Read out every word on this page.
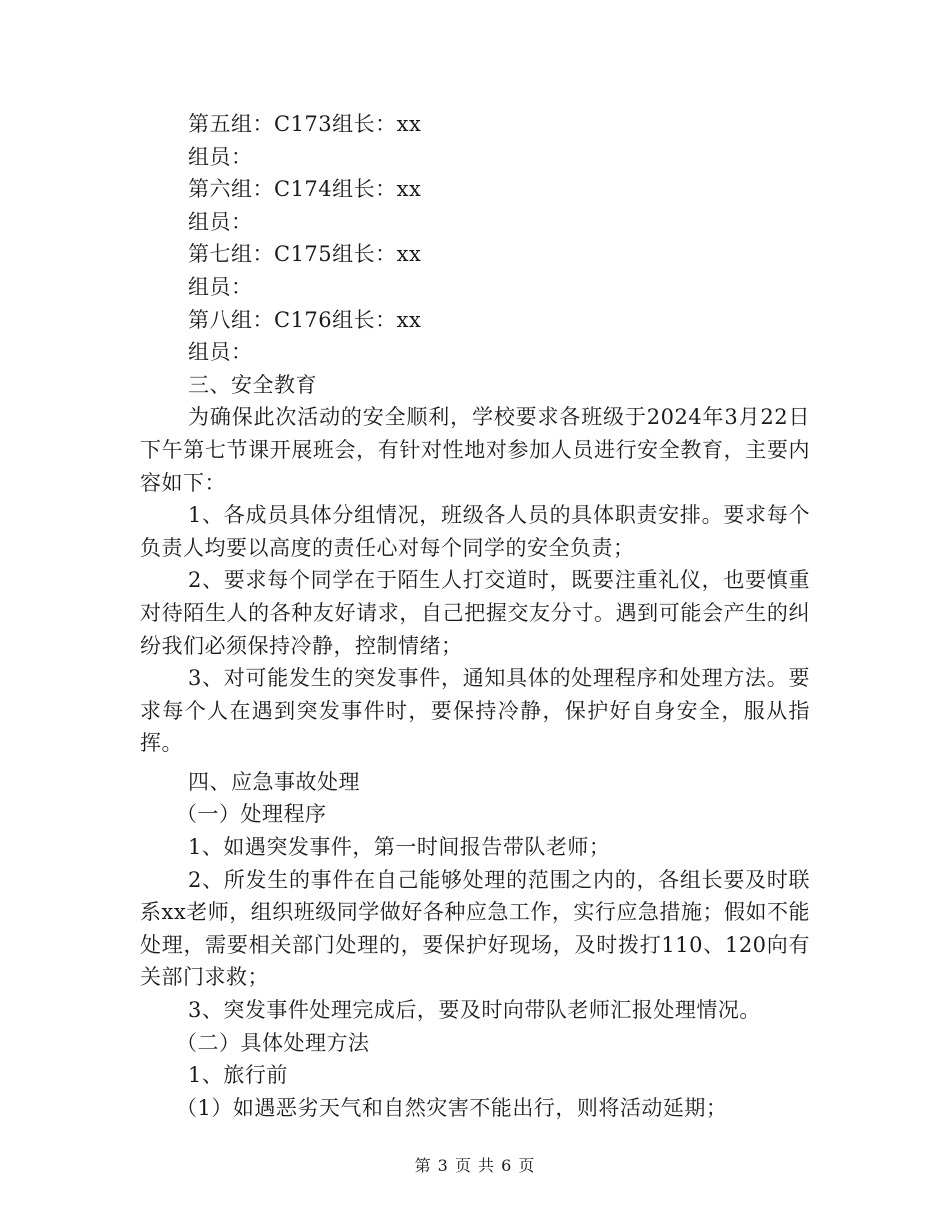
第五组：C173组长：xx
组员：
第六组：C174组长：xx
组员：
第七组：C175组长：xx
组员：
第八组：C176组长：xx
组员：
三、安全教育
为确保此次活动的安全顺利，学校要求各班级于2024年3月22日下午第七节课开展班会，有针对性地对参加人员进行安全教育，主要内容如下：
1、各成员具体分组情况，班级各人员的具体职责安排。要求每个负责人均要以高度的责任心对每个同学的安全负责；
2、要求每个同学在于陌生人打交道时，既要注重礼仪，也要慎重对待陌生人的各种友好请求，自己把握交友分寸。遇到可能会产生的纠纷我们必须保持冷静，控制情绪；
3、对可能发生的突发事件，通知具体的处理程序和处理方法。要求每个人在遇到突发事件时，要保持冷静，保护好自身安全，服从指挥。
四、应急事故处理
（一）处理程序
1、如遇突发事件，第一时间报告带队老师；
2、所发生的事件在自己能够处理的范围之内的，各组长要及时联系xx老师，组织班级同学做好各种应急工作，实行应急措施；假如不能处理，需要相关部门处理的，要保护好现场，及时拨打110、120向有关部门求救；
3、突发事件处理完成后，要及时向带队老师汇报处理情况。
（二）具体处理方法
1、旅行前
（1）如遇恶劣天气和自然灾害不能出行，则将活动延期；
第 3 页 共 6 页
